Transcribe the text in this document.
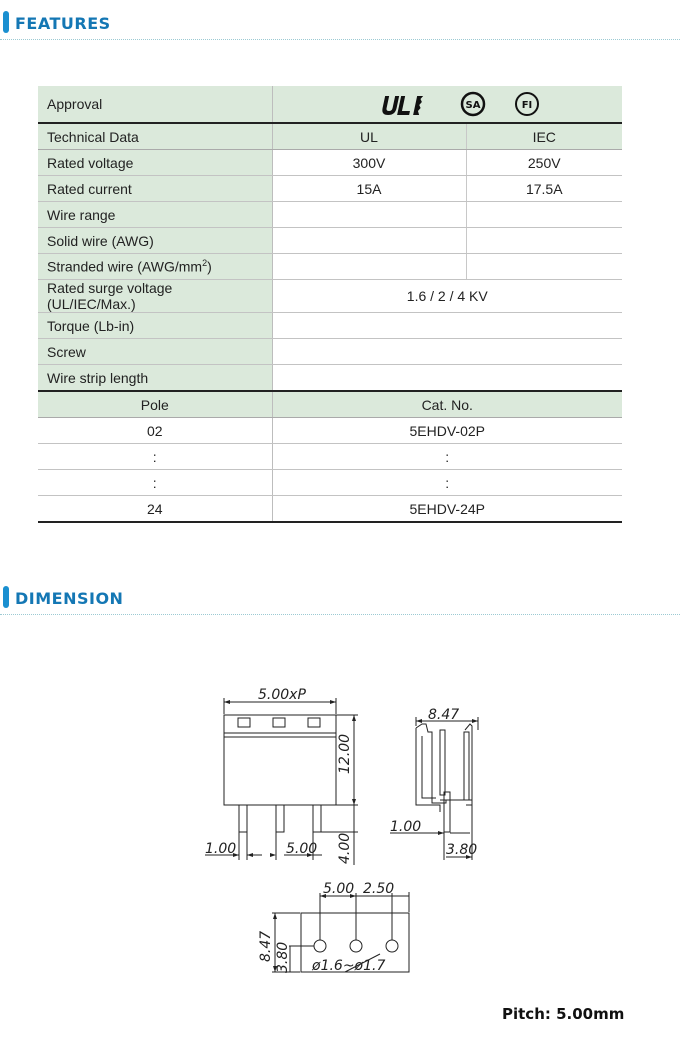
FEATURES
Approval	SA FI	

Technical Data	UL	IEC
Rated voltage	300V	250V
Rated current	15A	17.5A
Wire range		
Solid wire (AWG)		
Stranded wire $(AWG/mm^2)$		
Rated surge voltage (UL/IEC/Max.)	1.6 / 2 / 4 KV	
Torque (Lb-in)		
Screw		
Wire strip length		
Pole	Cat. No.	
02	5EHDV-02P	
:	:	
:	:	
24	5EHDV-24P	
DIMENSION
5.00xP
12.00
4.00
1.00	5.00
8.47
1.00
3.80
5.00 2.50
8.47 3.80 ø1.6~ø1.7
Pitch: 5.00mm
